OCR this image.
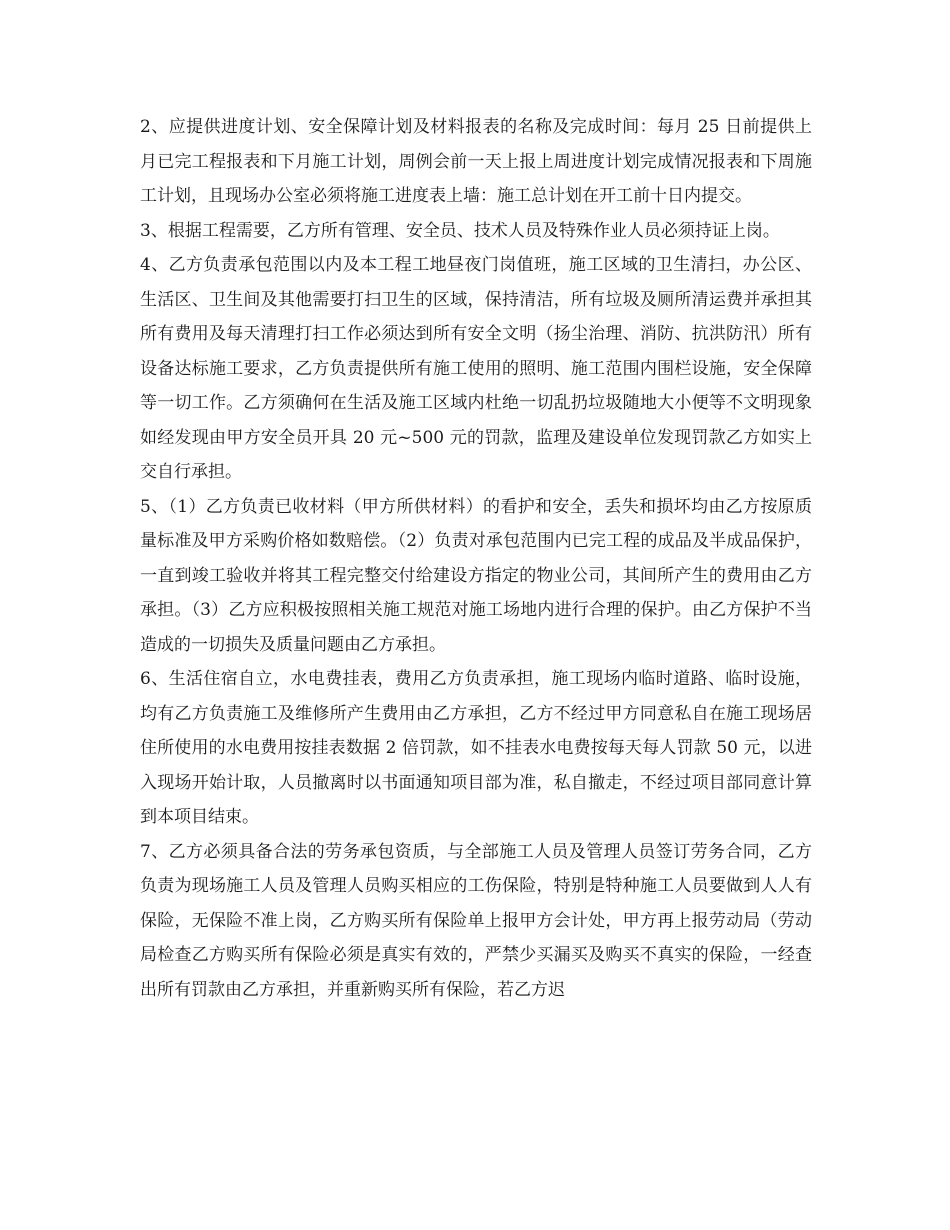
2、应提供进度计划、安全保障计划及材料报表的名称及完成时间：每月 25 日前提供上月已完工程报表和下月施工计划，周例会前一天上报上周进度计划完成情况报表和下周施工计划，且现场办公室必须将施工进度表上墙：施工总计划在开工前十日内提交。

3、根据工程需要，乙方所有管理、安全员、技术人员及特殊作业人员必须持证上岗。

4、乙方负责承包范围以内及本工程工地昼夜门岗值班，施工区域的卫生清扫，办公区、生活区、卫生间及其他需要打扫卫生的区域，保持清洁，所有垃圾及厕所清运费并承担其所有费用及每天清理打扫工作必须达到所有安全文明（扬尘治理、消防、抗洪防汛）所有设备达标施工要求，乙方负责提供所有施工使用的照明、施工范围内围栏设施，安全保障等一切工作。乙方须确何在生活及施工区域内杜绝一切乱扔垃圾随地大小便等不文明现象如经发现由甲方安全员开具 20 元~500 元的罚款，监理及建设单位发现罚款乙方如实上交自行承担。

5、（1）乙方负责已收材料（甲方所供材料）的看护和安全，丢失和损坏均由乙方按原质量标准及甲方采购价格如数赔偿。（2）负责对承包范围内已完工程的成品及半成品保护，一直到竣工验收并将其工程完整交付给建设方指定的物业公司，其间所产生的费用由乙方承担。（3）乙方应积极按照相关施工规范对施工场地内进行合理的保护。由乙方保护不当造成的一切损失及质量问题由乙方承担。

6、生活住宿自立，水电费挂表，费用乙方负责承担，施工现场内临时道路、临时设施，均有乙方负责施工及维修所产生费用由乙方承担，乙方不经过甲方同意私自在施工现场居住所使用的水电费用按挂表数据 2 倍罚款，如不挂表水电费按每天每人罚款 50 元，以进入现场开始计取，人员撤离时以书面通知项目部为准，私自撤走，不经过项目部同意计算到本项目结束。

7、乙方必须具备合法的劳务承包资质，与全部施工人员及管理人员签订劳务合同，乙方负责为现场施工人员及管理人员购买相应的工伤保险，特别是特种施工人员要做到人人有保险，无保险不准上岗，乙方购买所有保险单上报甲方会计处，甲方再上报劳动局（劳动局检查乙方购买所有保险必须是真实有效的，严禁少买漏买及购买不真实的保险，一经查出所有罚款由乙方承担，并重新购买所有保险，若乙方迟
